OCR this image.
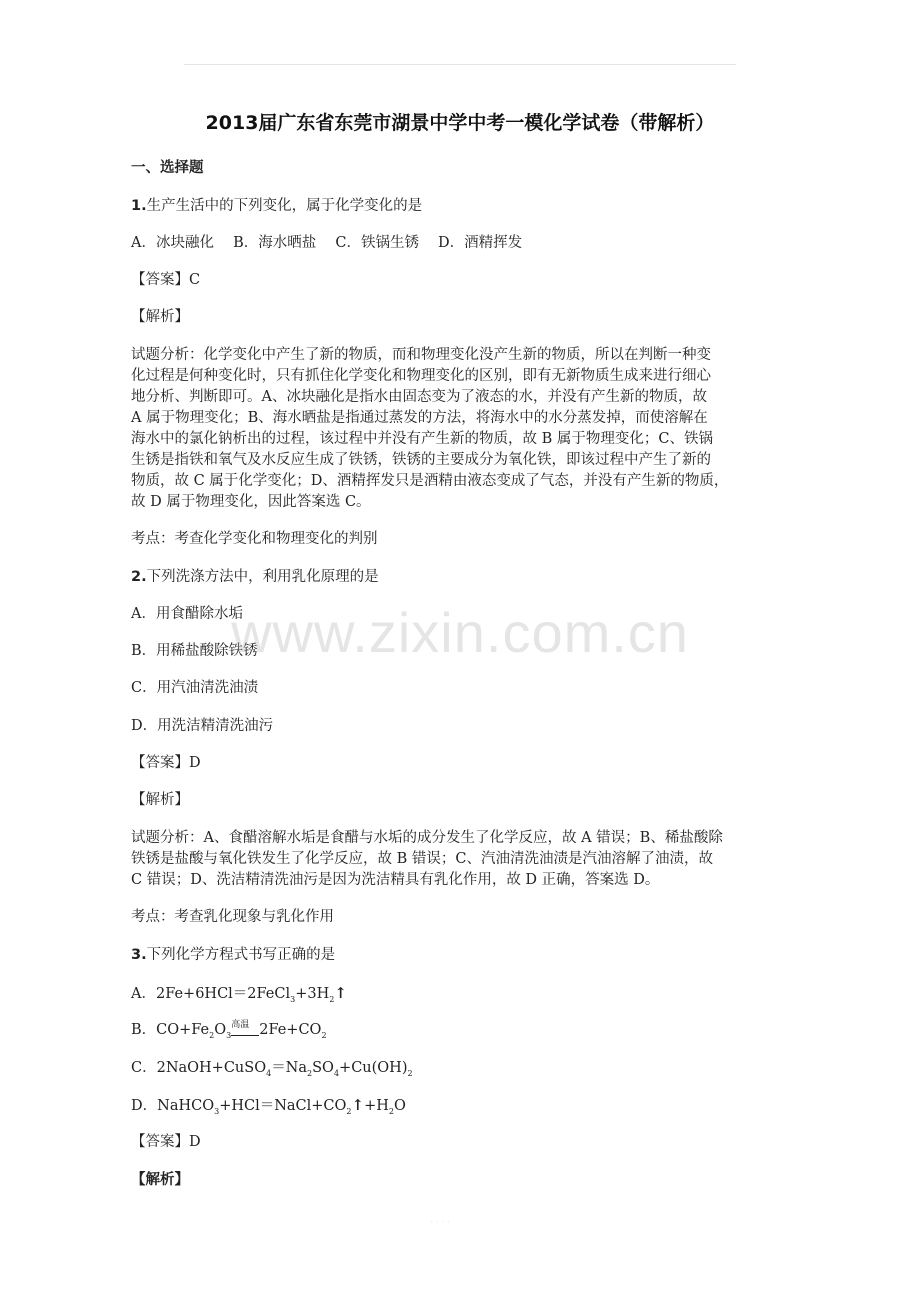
2013届广东省东莞市湖景中学中考一模化学试卷（带解析）
一、选择题
1.生产生活中的下列变化，属于化学变化的是
A．冰块融化　 B．海水晒盐　 C．铁锅生锈　 D．酒精挥发
【答案】C
【解析】
试题分析：化学变化中产生了新的物质，而和物理变化没产生新的物质，所以在判断一种变
化过程是何种变化时，只有抓住化学变化和物理变化的区别，即有无新物质生成来进行细心
地分析、判断即可。A、冰块融化是指水由固态变为了液态的水，并没有产生新的物质，故
A 属于物理变化；B、海水晒盐是指通过蒸发的方法，将海水中的水分蒸发掉，而使溶解在
海水中的氯化钠析出的过程，该过程中并没有产生新的物质，故 B 属于物理变化；C、铁锅
生锈是指铁和氧气及水反应生成了铁锈，铁锈的主要成分为氧化铁，即该过程中产生了新的
物质，故 C 属于化学变化；D、酒精挥发只是酒精由液态变成了气态，并没有产生新的物质，
故 D 属于物理变化，因此答案选 C。
考点：考查化学变化和物理变化的判别
2.下列洗涤方法中，利用乳化原理的是
A．用食醋除水垢
B．用稀盐酸除铁锈
C．用汽油清洗油渍
D．用洗洁精清洗油污
【答案】D
【解析】
试题分析：A、食醋溶解水垢是食醋与水垢的成分发生了化学反应，故 A 错误；B、稀盐酸除
铁锈是盐酸与氧化铁发生了化学反应，故 B 错误；C、汽油清洗油渍是汽油溶解了油渍，故
C 错误；D、洗洁精清洗油污是因为洗洁精具有乳化作用，故 D 正确，答案选 D。
考点：考查乳化现象与乳化作用
3.下列化学方程式书写正确的是
A．$2Fe+6HCl=2FeCl_3+3H_2↑$
B．$CO+Fe_2O_3$
高温 $2Fe+CO_2$
C．$2NaOH+CuSO_4=Na_2SO_4+Cu(OH)_2$
D．$NaHCO_3+HCl=NaCl+CO_2↑+H_2O$
【答案】D
【解析】
www.zixin.com.cn
· · · ·
